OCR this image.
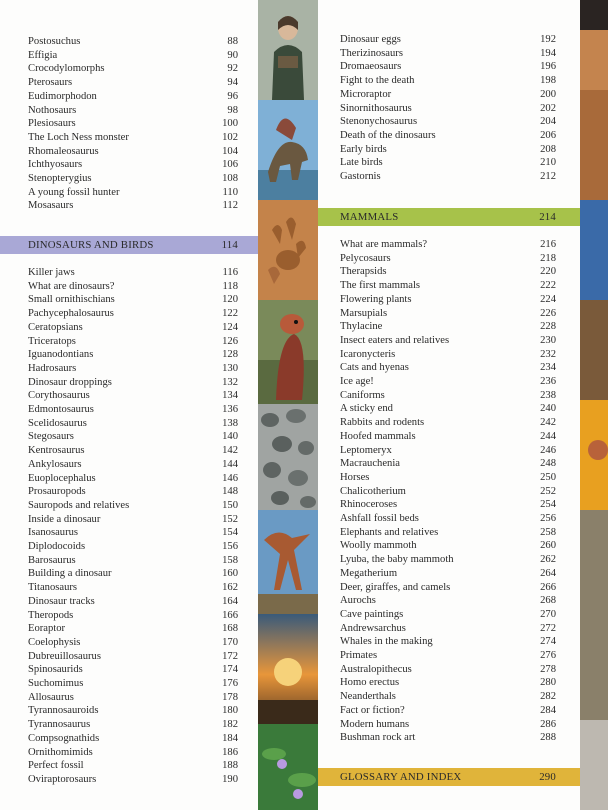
Postosuchus	88
Effigia	90
Crocodylomorphs	92
Pterosaurs	94
Eudimorphodon	96
Nothosaurs	98
Plesiosaurs	100
The Loch Ness monster	102
Rhomaleosaurus	104
Ichthyosaurs	106
Stenopterygius	108
A young fossil hunter	110
Mosasaurs	112
DINOSAURS AND BIRDS	114
Killer jaws	116
What are dinosaurs?	118
Small ornithischians	120
Pachycephalosaurus	122
Ceratopsians	124
Triceratops	126
Iguanodontians	128
Hadrosaurs	130
Dinosaur droppings	132
Corythosaurus	134
Edmontosaurus	136
Scelidosaurus	138
Stegosaurs	140
Kentrosaurus	142
Ankylosaurs	144
Euoplocephalus	146
Prosauropods	148
Sauropods and relatives	150
Inside a dinosaur	152
Isanosaurus	154
Diplodocoids	156
Barosaurus	158
Building a dinosaur	160
Titanosaurs	162
Dinosaur tracks	164
Theropods	166
Eoraptor	168
Coelophysis	170
Dubreuillosaurus	172
Spinosaurids	174
Suchomimus	176
Allosaurus	178
Tyrannosauroids	180
Tyrannosaurus	182
Compsognathids	184
Ornithomimids	186
Perfect fossil	188
Oviraptorosaurs	190
Dinosaur eggs	192
Therizinosaurs	194
Dromaeosaurs	196
Fight to the death	198
Microraptor	200
Sinornithosaurus	202
Stenonychosaurus	204
Death of the dinosaurs	206
Early birds	208
Late birds	210
Gastornis	212
MAMMALS	214
What are mammals?	216
Pelycosaurs	218
Therapsids	220
The first mammals	222
Flowering plants	224
Marsupials	226
Thylacine	228
Insect eaters and relatives	230
Icaronycteris	232
Cats and hyenas	234
Ice age!	236
Caniforms	238
A sticky end	240
Rabbits and rodents	242
Hoofed mammals	244
Leptomeryx	246
Macrauchenia	248
Horses	250
Chalicotherium	252
Rhinoceroses	254
Ashfall fossil beds	256
Elephants and relatives	258
Woolly mammoth	260
Lyuba, the baby mammoth	262
Megatherium	264
Deer, giraffes, and camels	266
Aurochs	268
Cave paintings	270
Andrewsarchus	272
Whales in the making	274
Primates	276
Australopithecus	278
Homo erectus	280
Neanderthals	282
Fact or fiction?	284
Modern humans	286
Bushman rock art	288
GLOSSARY AND INDEX	290
